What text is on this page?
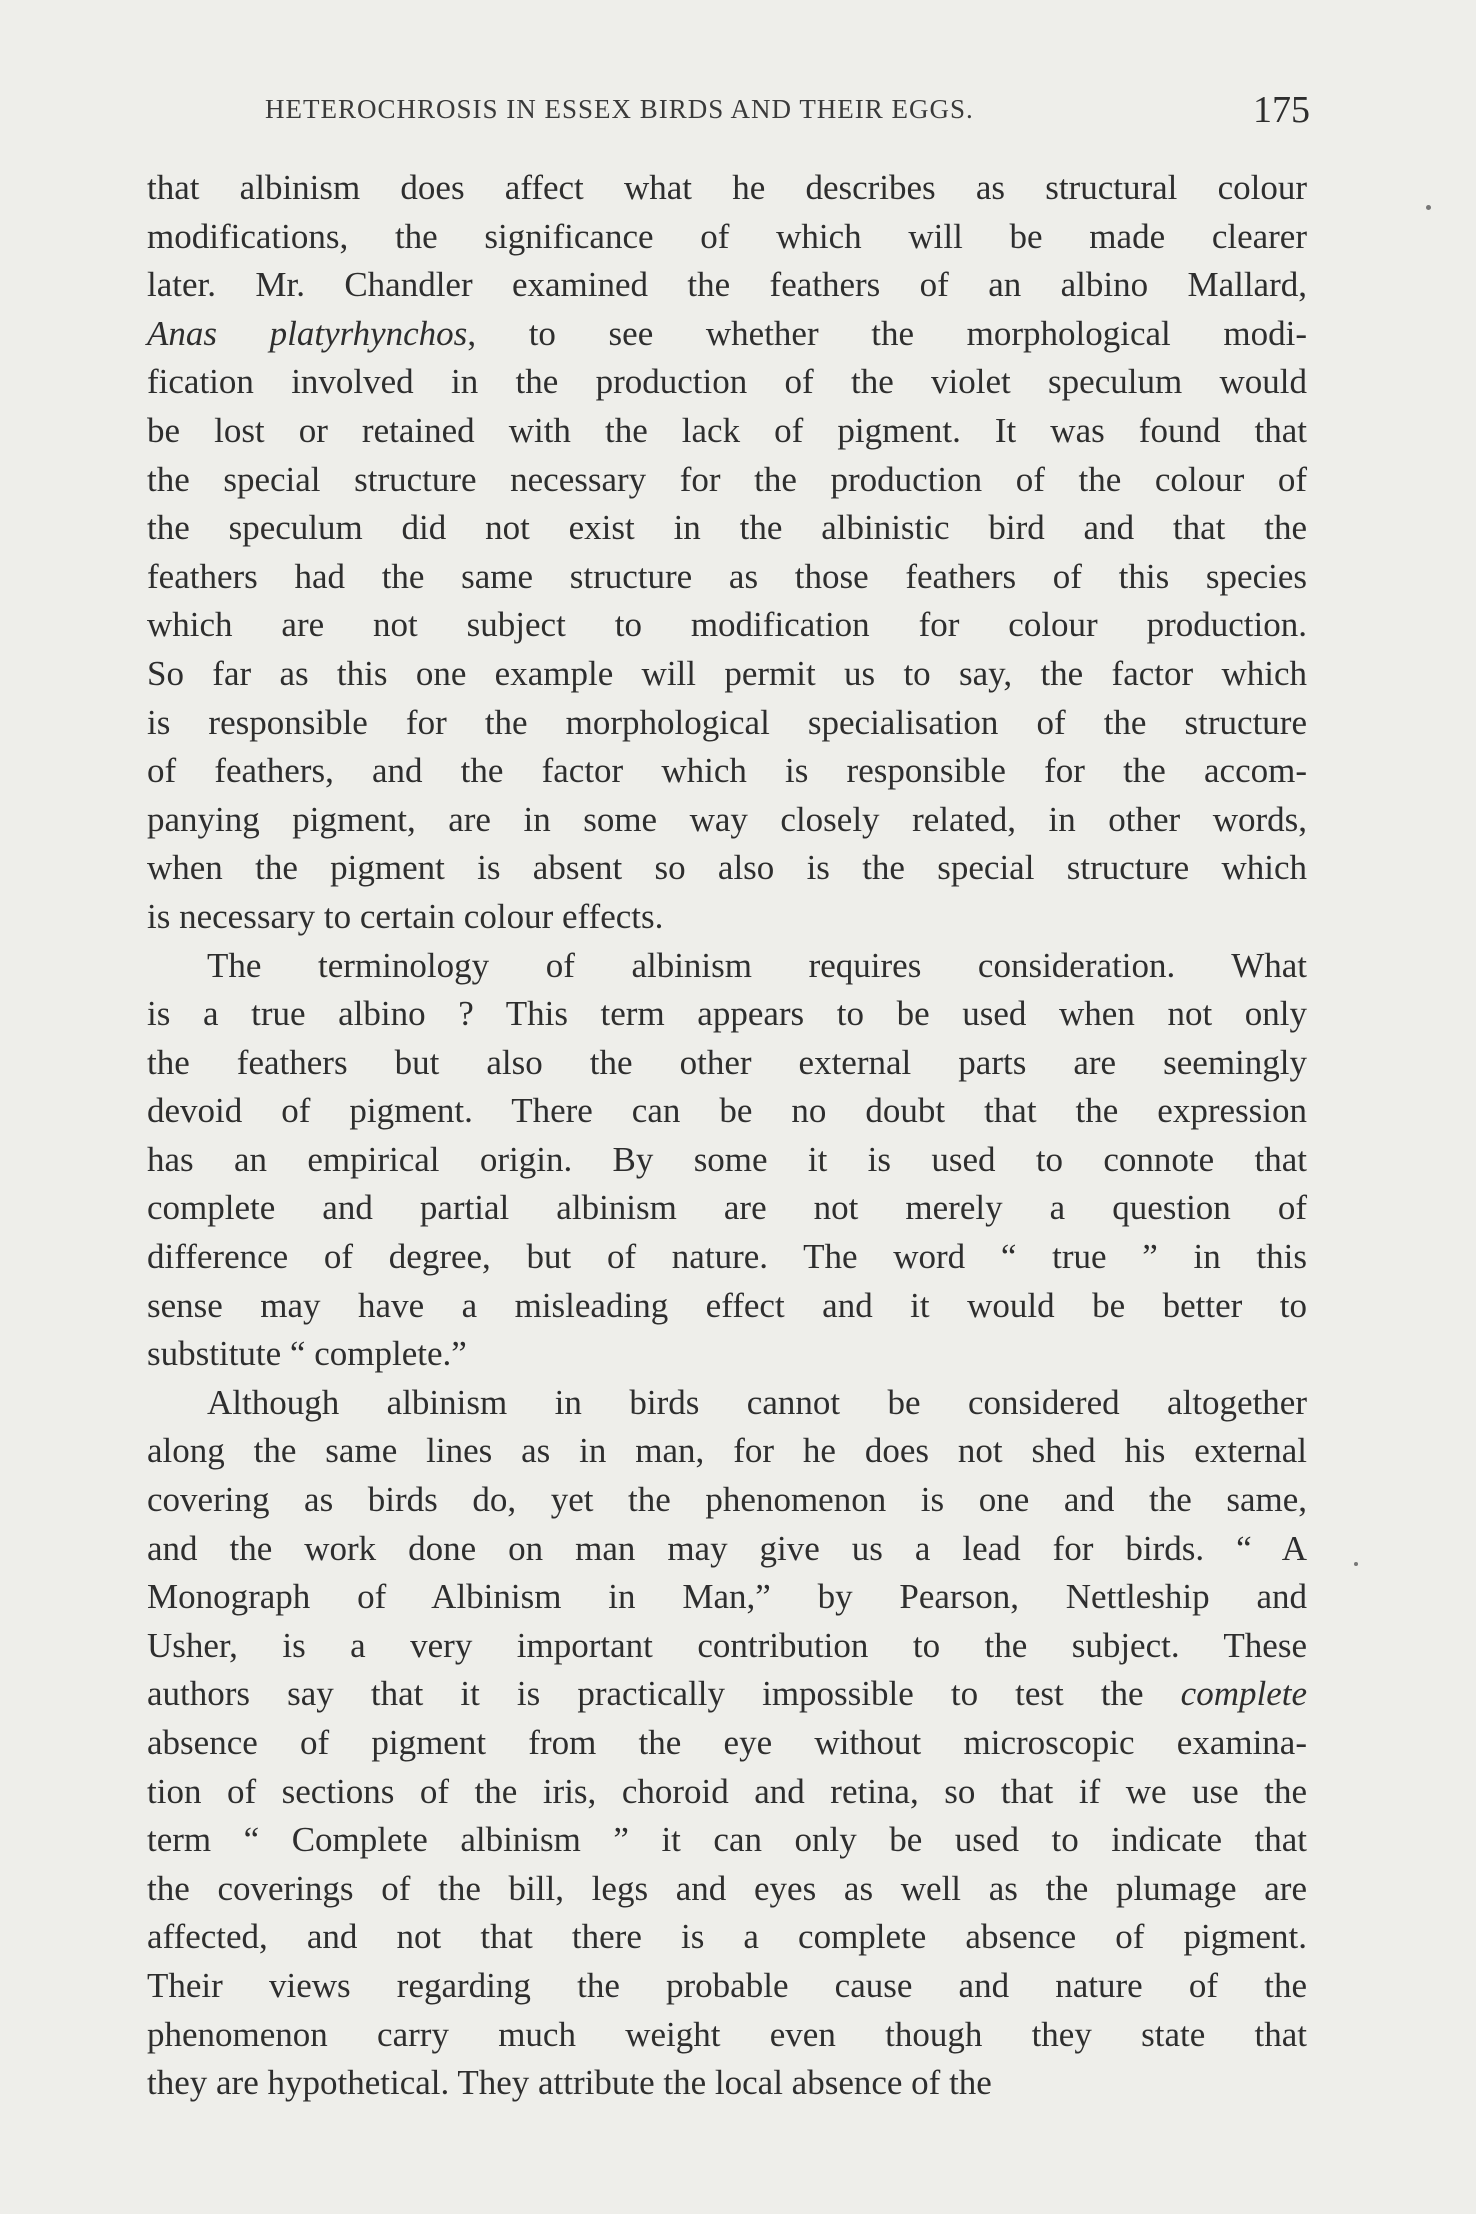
HETEROCHROSIS IN ESSEX BIRDS AND THEIR EGGS.	175
that albinism does affect what he describes as structural colour
modifications, the significance of which will be made clearer
later. Mr. Chandler examined the feathers of an albino Mallard,
Anas platyrhynchos, to see whether the morphological modi-
fication involved in the production of the violet speculum would
be lost or retained with the lack of pigment. It was found that
the special structure necessary for the production of the colour of
the speculum did not exist in the albinistic bird and that the
feathers had the same structure as those feathers of this species
which are not subject to modification for colour production.
So far as this one example will permit us to say, the factor which
is responsible for the morphological specialisation of the structure
of feathers, and the factor which is responsible for the accom-
panying pigment, are in some way closely related, in other words,
when the pigment is absent so also is the special structure which
is necessary to certain colour effects.
The terminology of albinism requires consideration. What
is a true albino ? This term appears to be used when not only
the feathers but also the other external parts are seemingly
devoid of pigment. There can be no doubt that the expression
has an empirical origin. By some it is used to connote that
complete and partial albinism are not merely a question of
difference of degree, but of nature. The word “ true ” in this
sense may have a misleading effect and it would be better to
substitute “ complete.”
Although albinism in birds cannot be considered altogether
along the same lines as in man, for he does not shed his external
covering as birds do, yet the phenomenon is one and the same,
and the work done on man may give us a lead for birds. “ A
Monograph of Albinism in Man,” by Pearson, Nettleship and
Usher, is a very important contribution to the subject. These
authors say that it is practically impossible to test the complete
absence of pigment from the eye without microscopic examina-
tion of sections of the iris, choroid and retina, so that if we use the
term “ Complete albinism ” it can only be used to indicate that
the coverings of the bill, legs and eyes as well as the plumage are
affected, and not that there is a complete absence of pigment.
Their views regarding the probable cause and nature of the
phenomenon carry much weight even though they state that
they are hypothetical. They attribute the local absence of the
